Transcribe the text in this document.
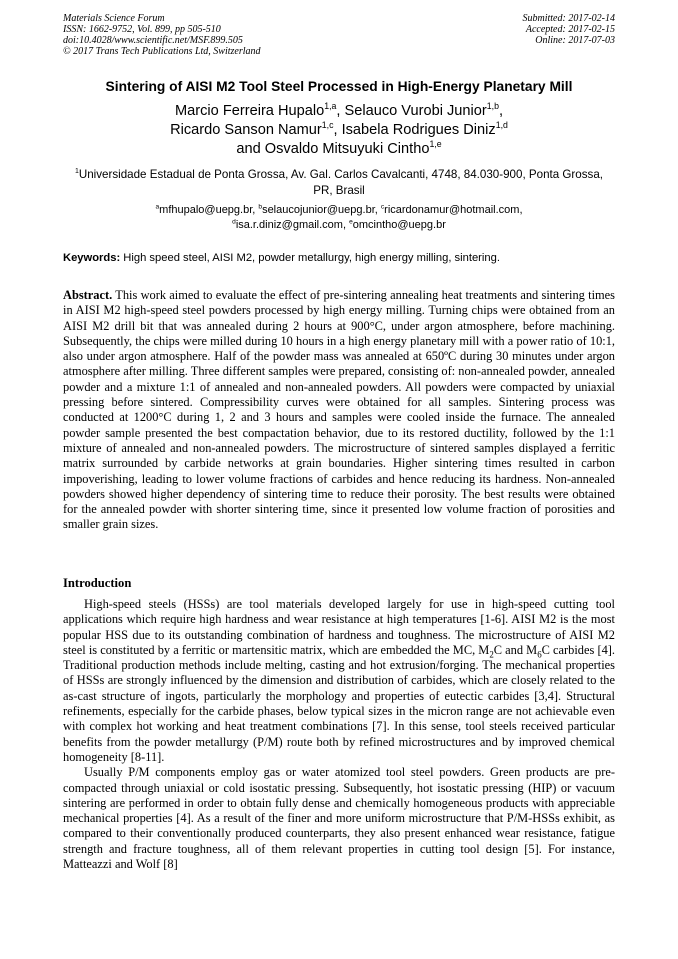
Materials Science Forum
ISSN: 1662-9752, Vol. 899, pp 505-510
doi:10.4028/www.scientific.net/MSF.899.505
© 2017 Trans Tech Publications Ltd, Switzerland
Submitted: 2017-02-14
Accepted: 2017-02-15
Online: 2017-07-03
Sintering of AISI M2 Tool Steel Processed in High-Energy Planetary Mill
Marcio Ferreira Hupalo$^{1,a}$, Selauco Vurobi Junior$^{1,b}$,
Ricardo Sanson Namur$^{1,c}$, Isabela Rodrigues Diniz$^{1,d}$
and Osvaldo Mitsuyuki Cintho$^{1,e}$
$^1$Universidade Estadual de Ponta Grossa, Av. Gal. Carlos Cavalcanti, 4748, 84.030-900, Ponta Grossa, PR, Brasil
$^a$mfhupalo@uepg.br, $^b$selaucojunior@uepg.br, $^c$ricardonamur@hotmail.com,
$^d$isa.r.diniz@gmail.com, $^e$omcintho@uepg.br
Keywords: High speed steel, AISI M2, powder metallurgy, high energy milling, sintering.

Abstract. This work aimed to evaluate the effect of pre-sintering annealing heat treatments and sintering times in AISI M2 high-speed steel powders processed by high energy milling. Turning chips were obtained from an AISI M2 drill bit that was annealed during 2 hours at 900°C, under argon atmosphere, before machining. Subsequently, the chips were milled during 10 hours in a high energy planetary mill with a power ratio of 10:1, also under argon atmosphere. Half of the powder mass was annealed at 650ºC during 30 minutes under argon atmosphere after milling. Three different samples were prepared, consisting of: non-annealed powder, annealed powder and a mixture 1:1 of annealed and non-annealed powders. All powders were compacted by uniaxial pressing before sintered. Compressibility curves were obtained for all samples. Sintering process was conducted at 1200°C during 1, 2 and 3 hours and samples were cooled inside the furnace. The annealed powder sample presented the best compactation behavior, due to its restored ductility, followed by the 1:1 mixture of annealed and non-annealed powders. The microstructure of sintered samples displayed a ferritic matrix surrounded by carbide networks at grain boundaries. Higher sintering times resulted in carbon impoverishing, leading to lower volume fractions of carbides and hence reducing its hardness. Non-annealed powders showed higher dependency of sintering time to reduce their porosity. The best results were obtained for the annealed powder with shorter sintering time, since it presented low volume fraction of porosities and smaller grain sizes.

Introduction

High-speed steels (HSSs) are tool materials developed largely for use in high-speed cutting tool applications which require high hardness and wear resistance at high temperatures [1-6]. AISI M2 is the most popular HSS due to its outstanding combination of hardness and toughness. The microstructure of AISI M2 steel is constituted by a ferritic or martensitic matrix, which are embedded the MC, $M_2C$ and $M_6C$ carbides [4]. Traditional production methods include melting, casting and hot extrusion/forging. The mechanical properties of HSSs are strongly influenced by the dimension and distribution of carbides, which are closely related to the as-cast structure of ingots, particularly the morphology and properties of eutectic carbides [3,4]. Structural refinements, especially for the carbide phases, below typical sizes in the micron range are not achievable even with complex hot working and heat treatment combinations [7]. In this sense, tool steels received particular benefits from the powder metallurgy (P/M) route both by refined microstructures and by improved chemical homogeneity [8-11].

Usually P/M components employ gas or water atomized tool steel powders. Green products are pre-compacted through uniaxial or cold isostatic pressing. Subsequently, hot isostatic pressing (HIP) or vacuum sintering are performed in order to obtain fully dense and chemically homogeneous products with appreciable mechanical properties [4]. As a result of the finer and more uniform microstructure that P/M-HSSs exhibit, as compared to their conventionally produced counterparts, they also present enhanced wear resistance, fatigue strength and fracture toughness, all of them relevant properties in cutting tool design [5]. For instance, Matteazzi and Wolf [8]
